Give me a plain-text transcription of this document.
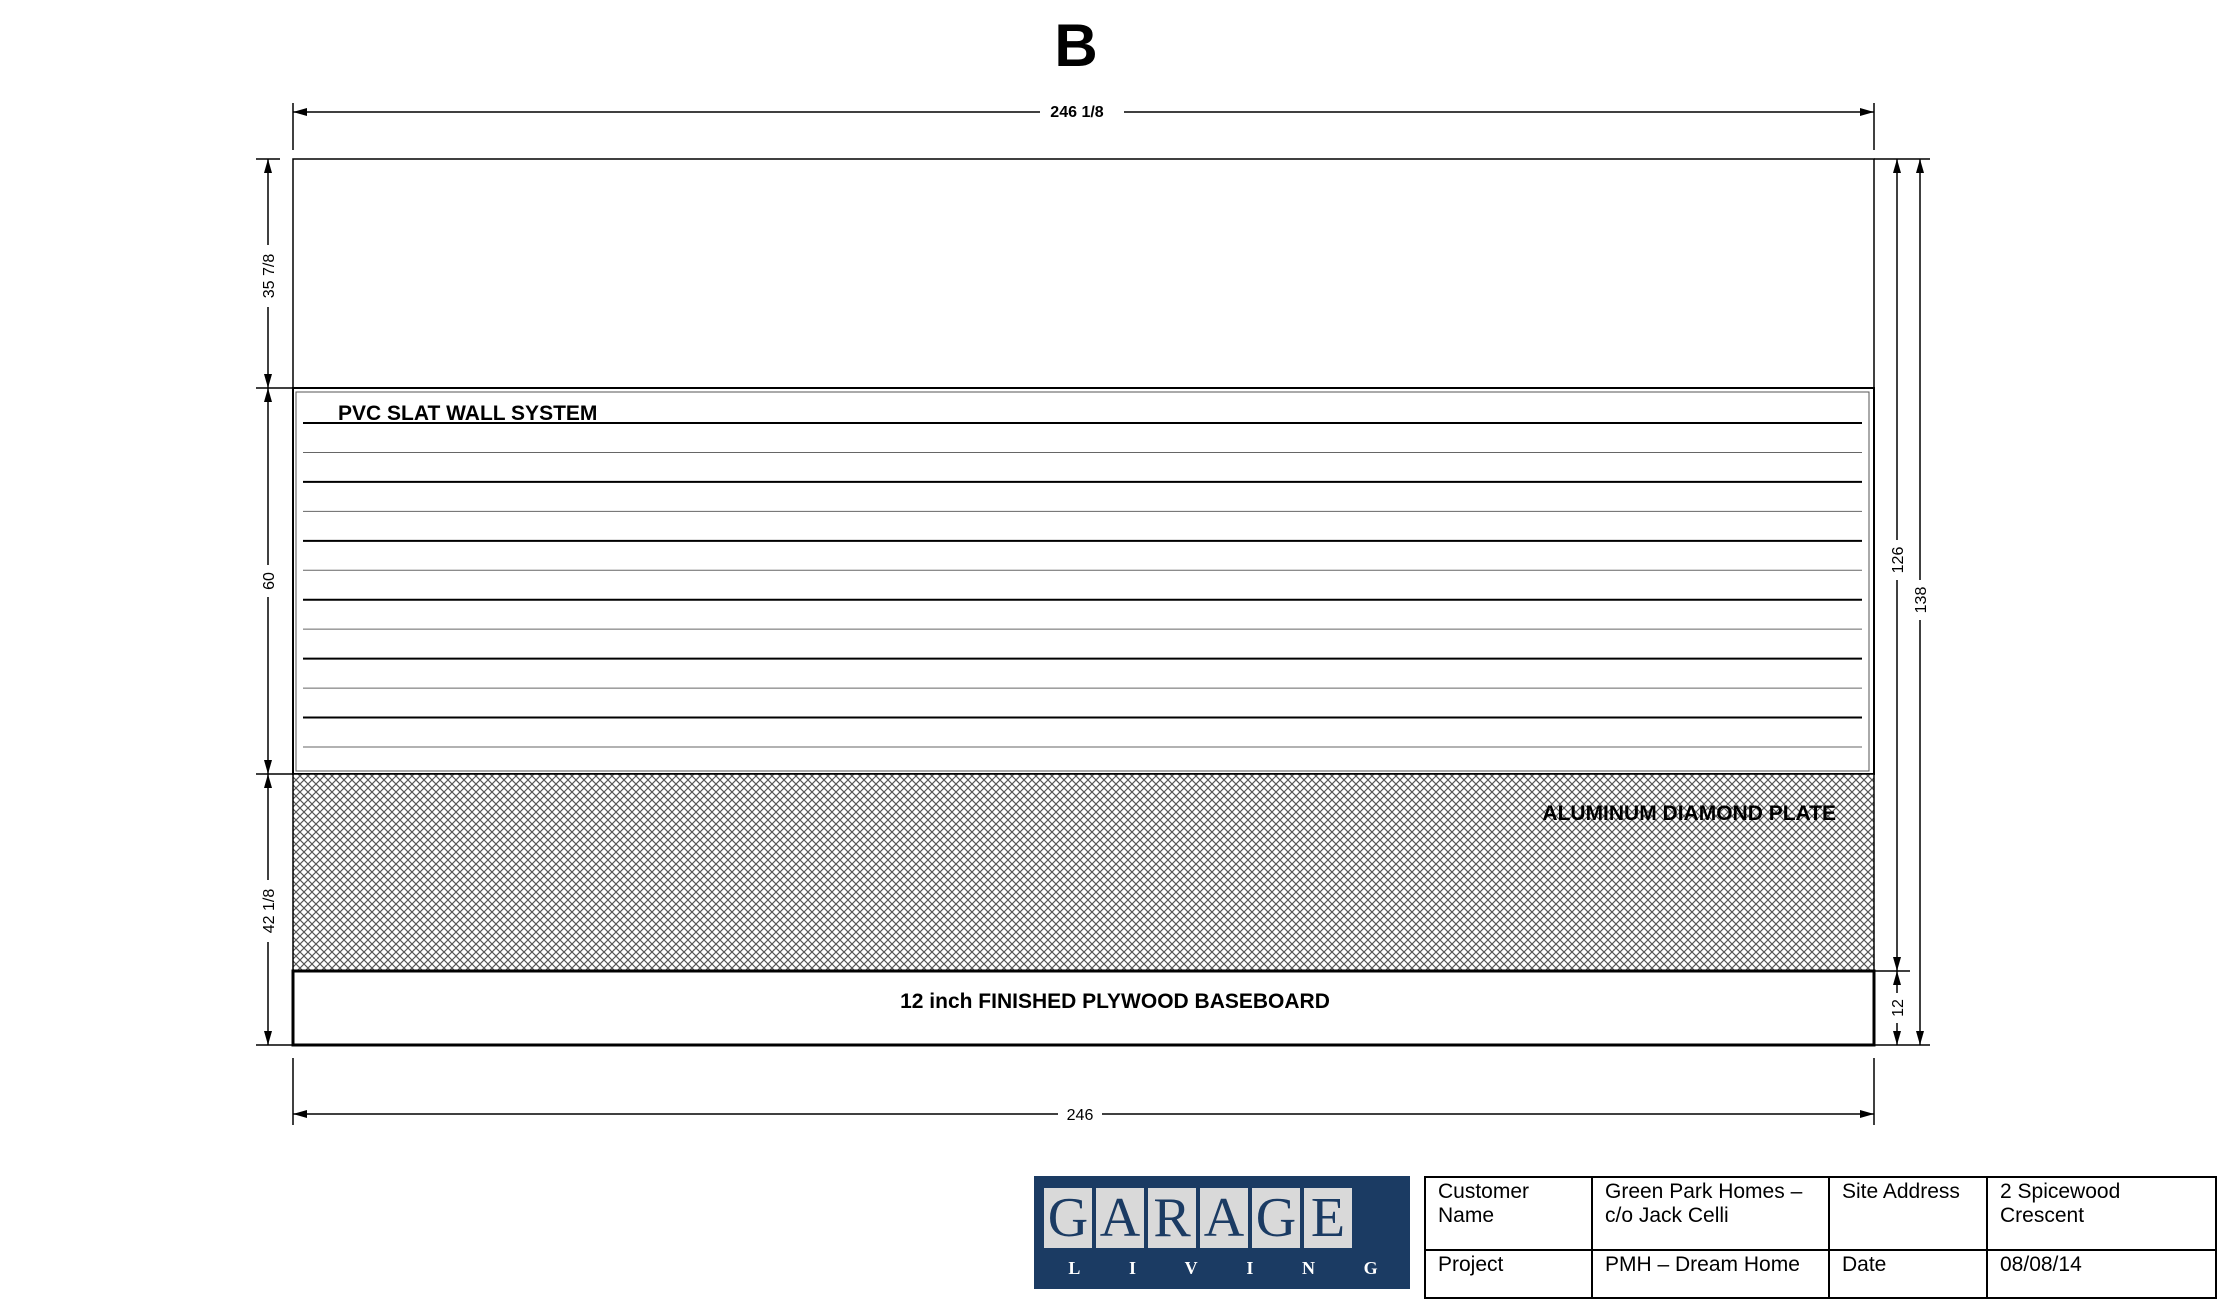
B
246 1/8
PVC SLAT WALL SYSTEM
ALUMINUM DIAMOND PLATE
12 inch FINISHED PLYWOOD BASEBOARD
35 7/8
60
42 1/8
126
12
138
246
G A R A G E
L	I	V	I	N	G
Customer Name	Green Park Homes – c/o Jack Celli	Site Address	2 Spicewood Crescent
Project	PMH – Dream Home	Date	08/08/14
